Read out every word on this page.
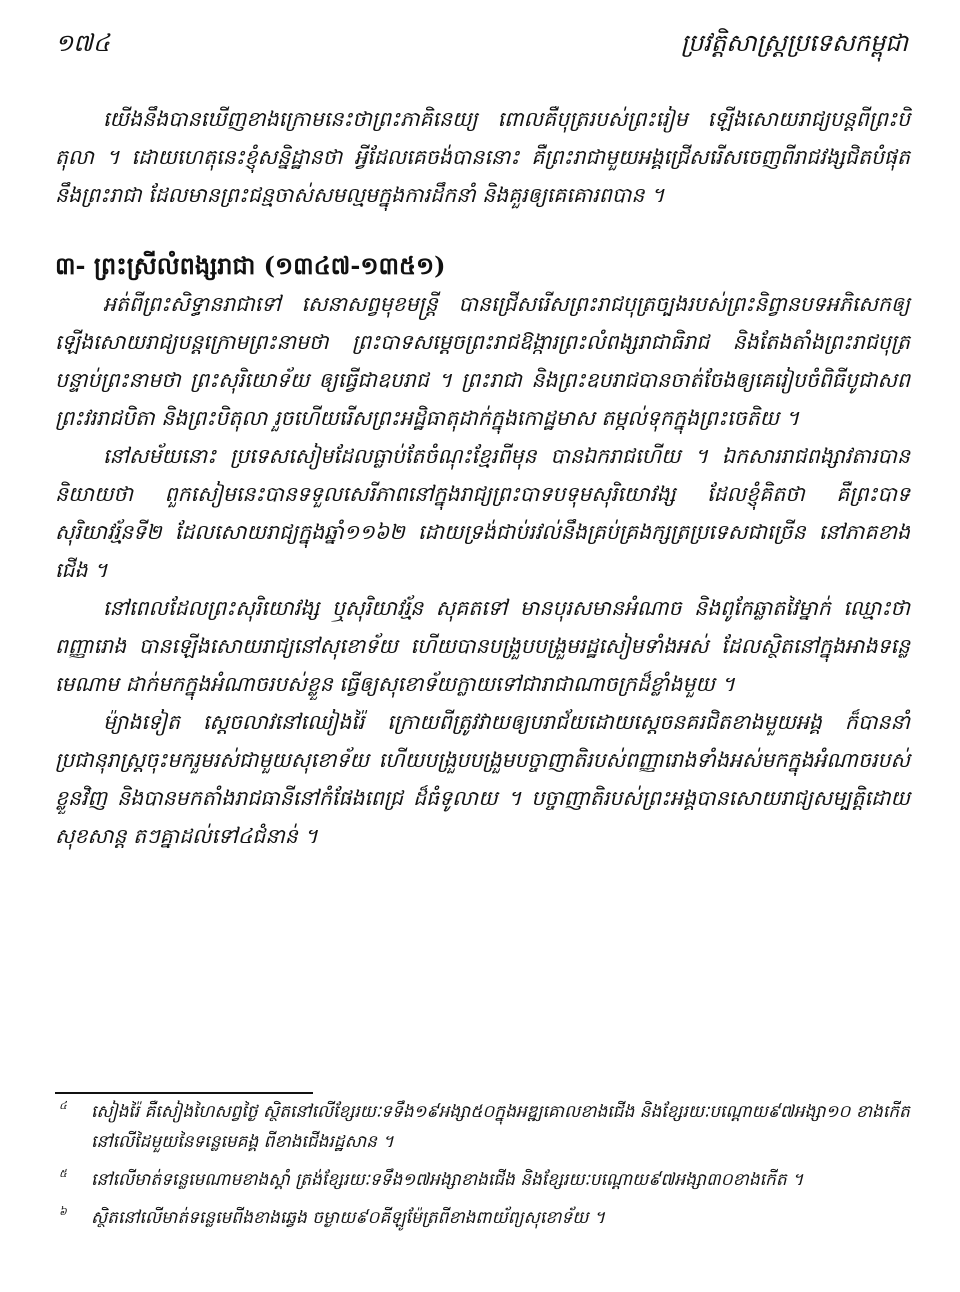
១៧៤	ប្រវត្តិសាស្ត្រប្រទេសកម្ពុជា

យើងនឹងបានឃើញខាងក្រោមនេះថាព្រះភាគិនេយ្យ ពោលគឺបុត្ររបស់ព្រះរៀម ឡើងសោយរាជ្យបន្តពីព្រះបិតុលា ។ ដោយហេតុនេះខ្ញុំសន្និដ្ឋានថា អ្វីដែលគេចង់បាននោះ គឺព្រះរាជាមួយអង្គជ្រើសរើសចេញពីរាជវង្សជិតបំផុតនឹងព្រះរាជា ដែលមានព្រះជន្មចាស់សមល្មមក្នុងការដឹកនាំ និងគួរឲ្យគេគោរពបាន ។

៣- ព្រះស្រីលំពង្សរាជា (១៣៤៧-១៣៥១)

អត់ពីព្រះសិទ្ធានរាជាទៅ សេនាសព្វមុខមន្ត្រី បានជ្រើសរើសព្រះរាជបុត្រច្បងរបស់ព្រះនិព្វានបទអភិសេកឲ្យឡើងសោយរាជ្យបន្តក្រោមព្រះនាមថា ព្រះបាទសម្តេចព្រះរាជឱង្ការព្រះលំពង្សរាជាធិរាជ និងតែងតាំងព្រះរាជបុត្របន្ទាប់ព្រះនាមថា ព្រះសុរិយោទ័យ ឲ្យធ្វើជាឧបរាជ ។ ព្រះរាជា និងព្រះឧបរាជបានចាត់ចែងឲ្យគេរៀបចំពិធីបូជាសពព្រះវររាជបិតា និងព្រះបិតុលា រួចហើយរើសព្រះអដ្ឋិធាតុដាក់ក្នុងកោដ្ឋមាស តម្កល់ទុកក្នុងព្រះចេតិយ ។

នៅសម័យនោះ ប្រទេសសៀមដែលធ្លាប់តែចំណុះខ្មែរពីមុន បានឯករាជហើយ ។ ឯកសាររាជពង្សាវតារបាននិយាយថា ពួកសៀមនេះបានទទួលសេរីភាពនៅក្នុងរាជ្យព្រះបាទបទុមសុរិយោវង្ស ដែលខ្ញុំគិតថា គឺព្រះបាទសុរិយាវរ្ម័នទី២ ដែលសោយរាជ្យក្នុងឆ្នាំ១១៦២ ដោយទ្រង់ជាប់រវល់នឹងគ្រប់គ្រងក្សត្រប្រទេសជាច្រើន នៅភាគខាងជើង ។

នៅពេលដែលព្រះសុរិយោវង្ស ឬសុរិយាវរ្ម័ន សុគតទៅ មានបុរសមានអំណាច និងពូកែឆ្លាតវៃម្នាក់ ឈ្មោះថា ពញ្ញារោង បានឡើងសោយរាជ្យនៅសុខោទ័យ ហើយបានបង្រួបបង្រួមរដ្ឋសៀមទាំងអស់ ដែលស្ថិតនៅក្នុងអាងទន្លេមេណាម ដាក់មកក្នុងអំណាចរបស់ខ្លួន ធ្វើឲ្យសុខោទ័យក្លាយទៅជារាជាណាចក្រដ៏ខ្លាំងមួយ ។

ម៉្យាងទៀត ស្តេចលាវនៅឈៀងរ៉ៃ ក្រោយពីត្រូវវាយឲ្យបរាជ័យដោយស្តេចនគរជិតខាងមួយអង្គ ក៏បាននាំប្រជានុរាស្ត្រចុះមករួមរស់ជាមួយសុខោទ័យ ហើយបង្រួបបង្រួមបច្ចាញាតិរបស់ពញ្ញារោងទាំងអស់មកក្នុងអំណាចរបស់ខ្លួនវិញ និងបានមកតាំងរាជធានីនៅកំផែងពេជ្រ ដ៏ធំទូលាយ ។ បច្ចាញាតិរបស់ព្រះអង្គបានសោយរាជ្យសម្បត្តិដោយសុខសាន្ត តៗគ្នាដល់ទៅ៤ជំនាន់ ។

៤ សៀងរ៉ៃ គឺសៀងហៃសព្វថ្ងៃ ស្ថិតនៅលើខ្សែរយៈទទឹង១៩អង្សា៥០ក្នុងអឌ្ឍគោលខាងជើង និងខ្សែរយៈបណ្តោយ៩៧អង្សា១០ ខាងកើត នៅលើដៃមួយនៃទន្លេមេគង្គ ពីខាងជើងរដ្ឋសាន ។

៥ នៅលើមាត់ទន្លេមេណាមខាងស្តាំ ត្រង់ខ្សែរយៈទទឹង១៧អង្សាខាងជើង និងខ្សែរយៈបណ្តោយ៩៧អង្សា៣០ខាងកើត ។

៦ ស្ថិតនៅលើមាត់ទន្លេមេពីងខាងឆ្វេង ចម្ងាយ៩០គីឡូម៉ែត្រពីខាងពាយ័ព្យសុខោទ័យ ។
